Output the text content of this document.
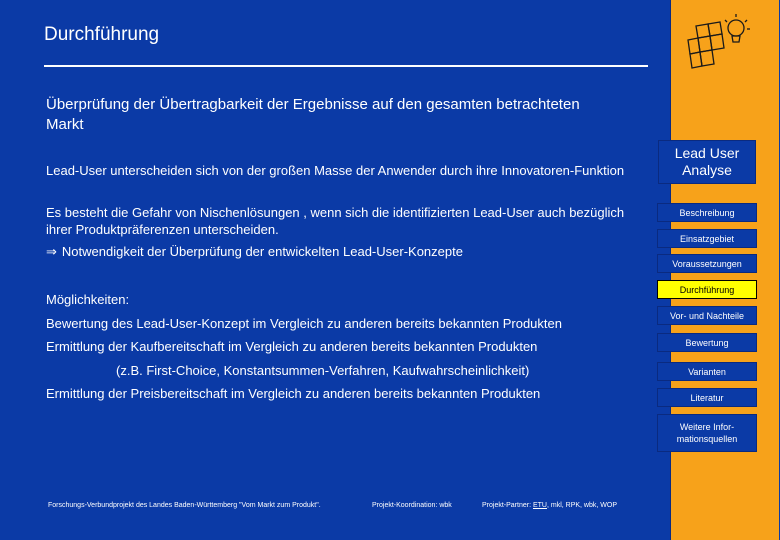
Durchführung
Überprüfung der Übertragbarkeit der Ergebnisse auf den gesamten betrachteten Markt
Lead-User unterscheiden sich von der großen Masse der Anwender durch ihre Innovatoren-Funktion
Es besteht die Gefahr von Nischenlösungen , wenn sich die identifizierten Lead-User auch bezüglich ihrer Produktpräferenzen unterscheiden.
⇒ Notwendigkeit der Überprüfung der entwickelten Lead-User-Konzepte
Möglichkeiten:
Bewertung des Lead-User-Konzept im Vergleich zu anderen bereits bekannten Produkten
Ermittlung der Kaufbereitschaft im Vergleich zu anderen bereits bekannten Produkten
(z.B. First-Choice, Konstantsummen-Verfahren, Kaufwahrscheinlichkeit)
Ermittlung der Preisbereitschaft im Vergleich zu anderen bereits bekannten Produkten
Forschungs-Verbundprojekt des Landes Baden-Württemberg "Vom Markt zum Produkt".	Projekt-Koordination: wbk	Projekt-Partner: ETU, mkl, RPK, wbk, WOP
Lead User Analyse
Beschreibung
Einsatzgebiet
Voraussetzungen
Durchführung
Vor- und Nachteile
Bewertung
Varianten
Literatur
Weitere Infor-mationsquellen
